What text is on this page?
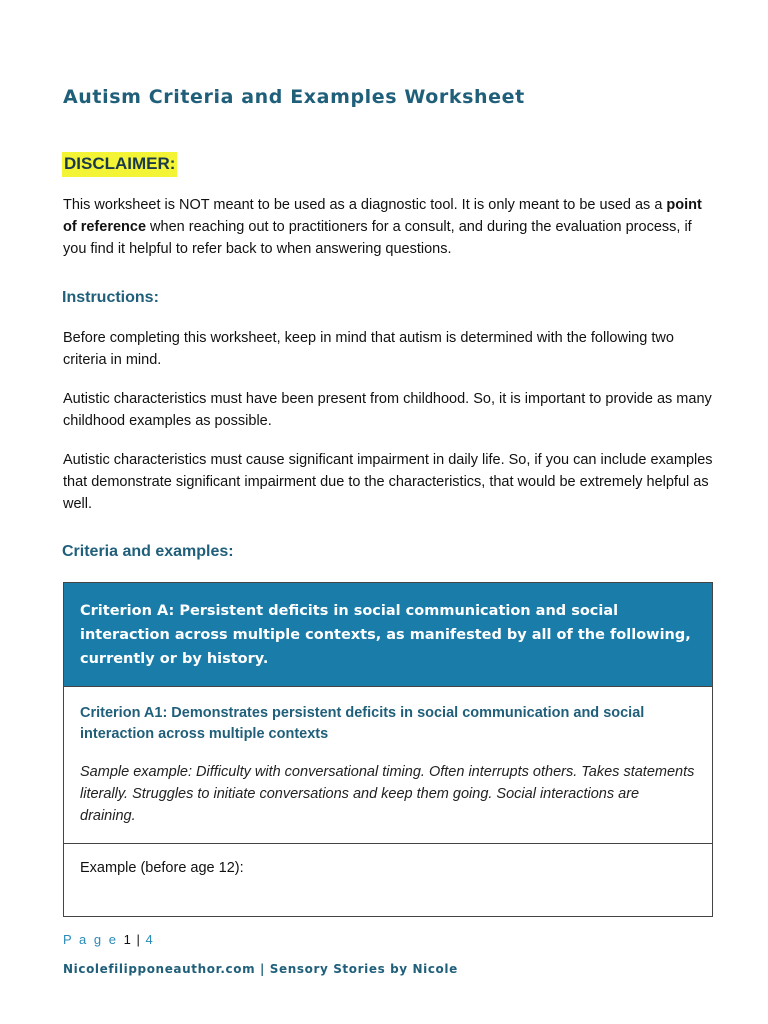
Autism Criteria and Examples Worksheet
DISCLAIMER:
This worksheet is NOT meant to be used as a diagnostic tool. It is only meant to be used as a point of reference when reaching out to practitioners for a consult, and during the evaluation process, if you find it helpful to refer back to when answering questions.
Instructions:
Before completing this worksheet, keep in mind that autism is determined with the following two criteria in mind.
Autistic characteristics must have been present from childhood. So, it is important to provide as many childhood examples as possible.
Autistic characteristics must cause significant impairment in daily life. So, if you can include examples that demonstrate significant impairment due to the characteristics, that would be extremely helpful as well.
Criteria and examples:
Criterion A: Persistent deficits in social communication and social interaction across multiple contexts, as manifested by all of the following, currently or by history.
Criterion A1: Demonstrates persistent deficits in social communication and social interaction across multiple contexts
Sample example: Difficulty with conversational timing. Often interrupts others. Takes statements literally. Struggles to initiate conversations and keep them going. Social interactions are draining.
Example (before age 12):
P a g e 1 | 4
Nicolefilipponeauthor.com | Sensory Stories by Nicole
